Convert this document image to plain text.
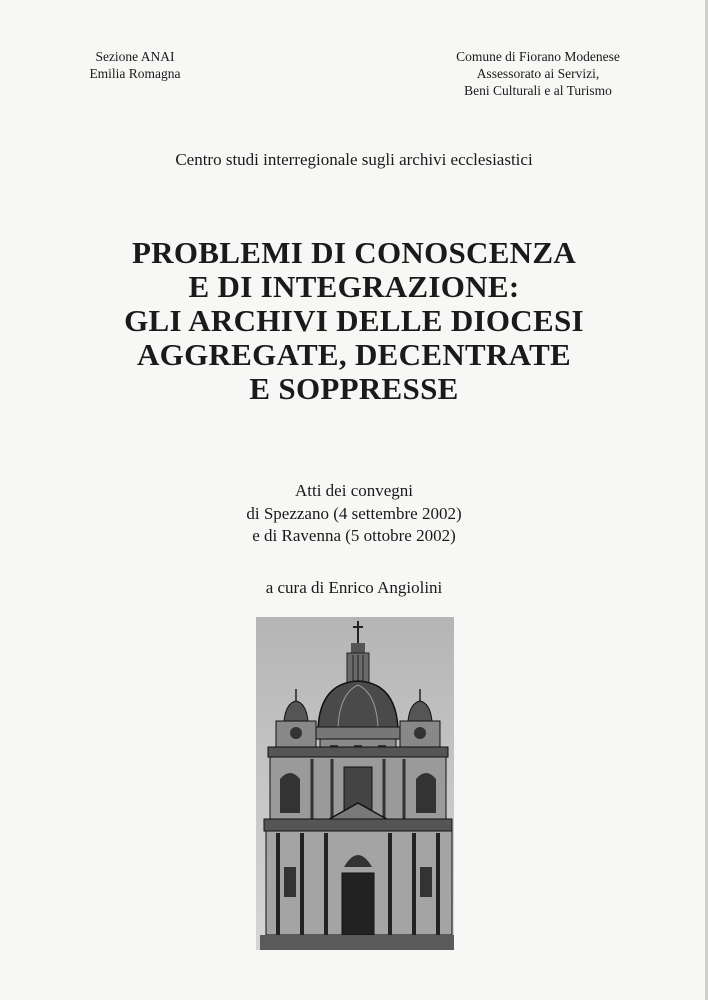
Sezione ANAI
Emilia Romagna
Comune di Fiorano Modenese
Assessorato ai Servizi,
Beni Culturali e al Turismo
Centro studi interregionale sugli archivi ecclesiastici
PROBLEMI DI CONOSCENZA
E DI INTEGRAZIONE:
GLI ARCHIVI DELLE DIOCESI
AGGREGATE, DECENTRATE
E SOPPRESSE
Atti dei convegni
di Spezzano (4 settembre 2002)
e di Ravenna (5 ottobre 2002)
a cura di Enrico Angiolini
